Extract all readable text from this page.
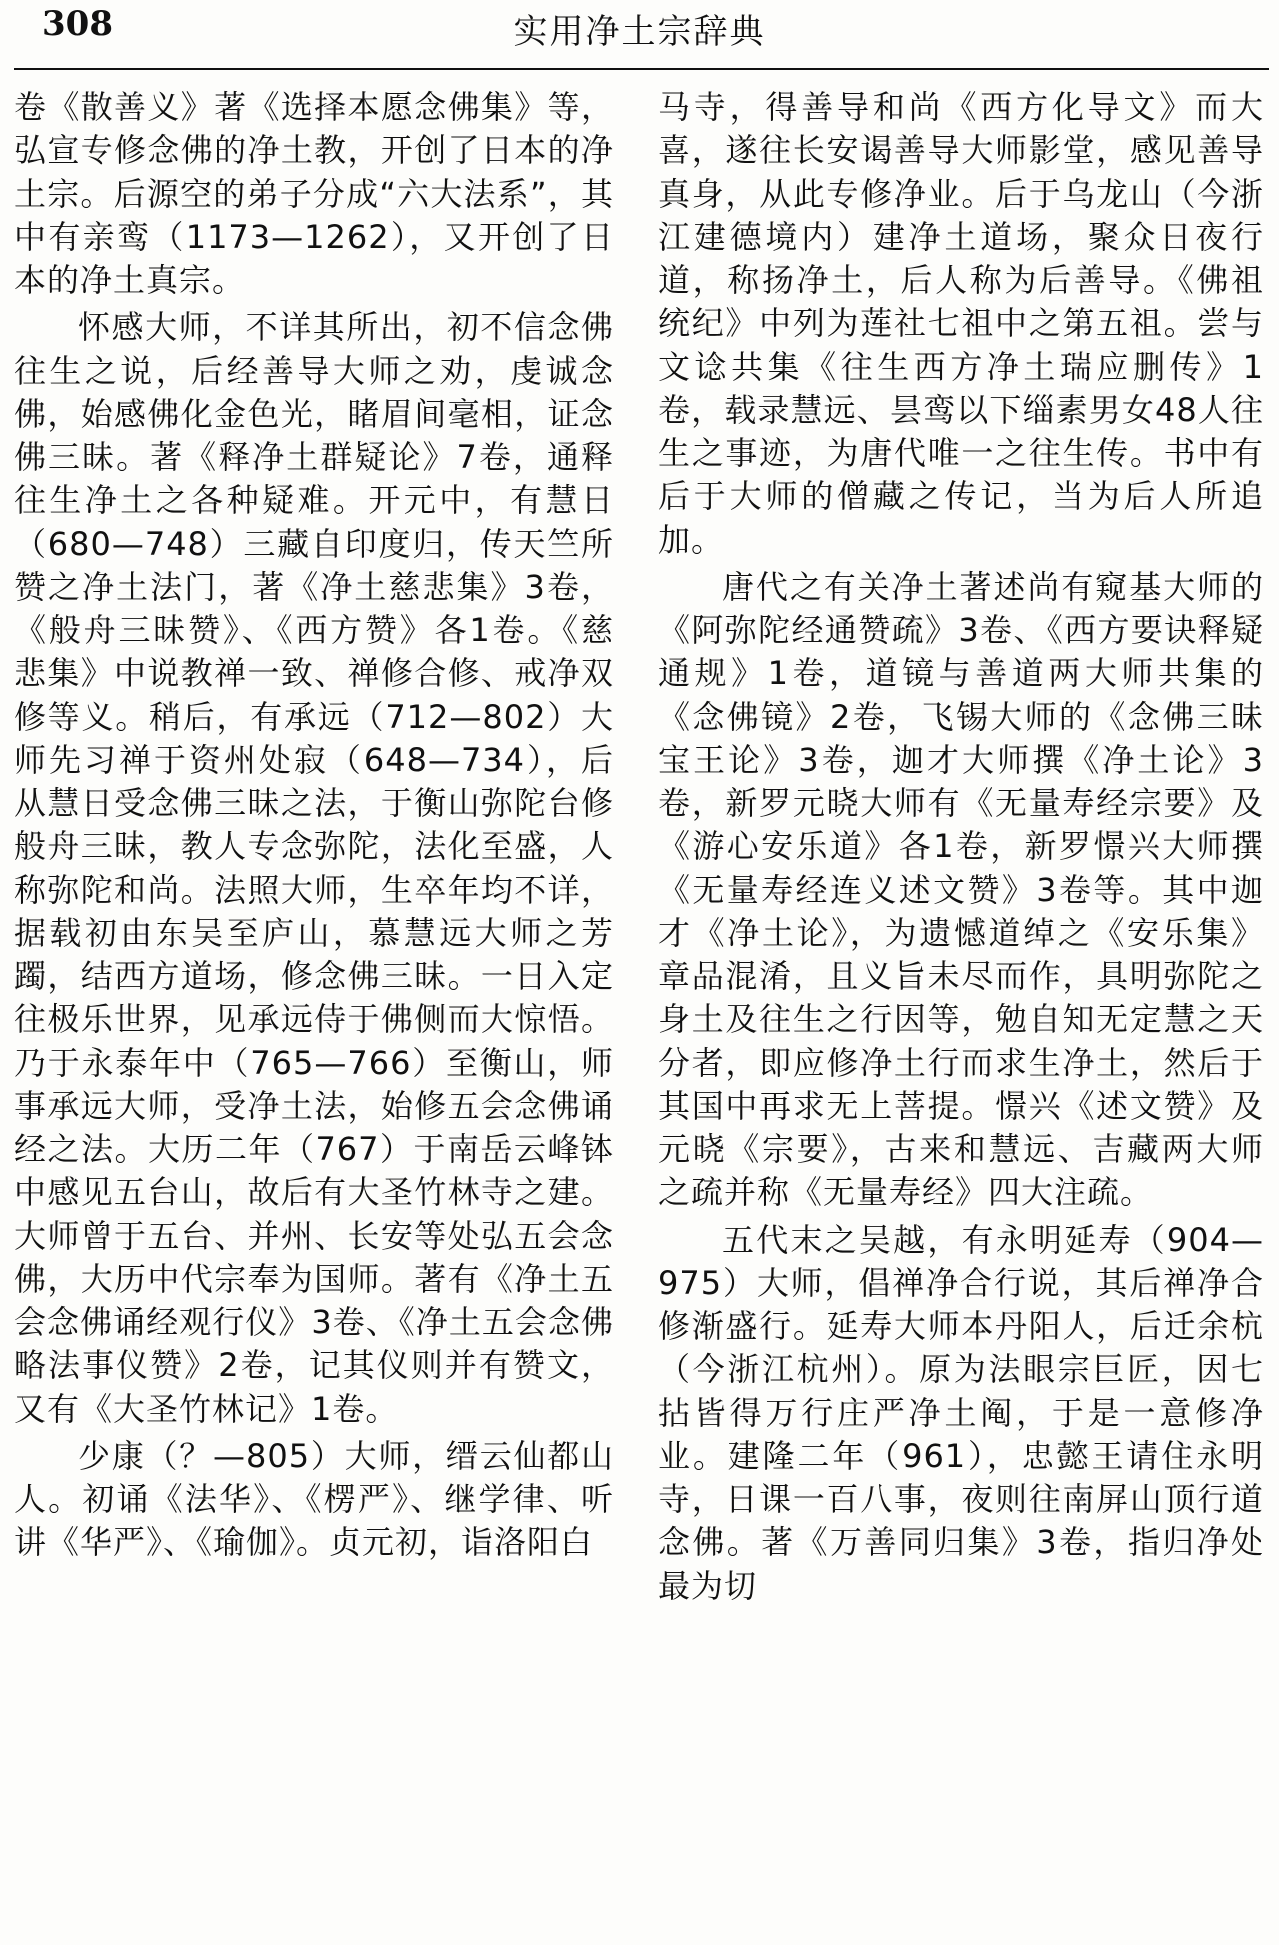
308	实用净土宗辞典

卷《散善义》著《选择本愿念佛集》等，弘宣专修念佛的净土教，开创了日本的净土宗。后源空的弟子分成“六大法系”，其中有亲鸾（1173—1262），又开创了日本的净土真宗。

怀感大师，不详其所出，初不信念佛往生之说，后经善导大师之劝，虔诚念佛，始感佛化金色光，睹眉间毫相，证念佛三昧。著《释净土群疑论》7卷，通释往生净土之各种疑难。开元中，有慧日（680—748）三藏自印度归，传天竺所赞之净土法门，著《净土慈悲集》3卷，《般舟三昧赞》、《西方赞》各1卷。《慈悲集》中说教禅一致、禅修合修、戒净双修等义。稍后，有承远（712—802）大师先习禅于资州处寂（648—734），后从慧日受念佛三昧之法，于衡山弥陀台修般舟三昧，教人专念弥陀，法化至盛，人称弥陀和尚。法照大师，生卒年均不详，据载初由东吴至庐山，慕慧远大师之芳躅，结西方道场，修念佛三昧。一日入定往极乐世界，见承远侍于佛侧而大惊悟。乃于永泰年中（765—766）至衡山，师事承远大师，受净土法，始修五会念佛诵经之法。大历二年（767）于南岳云峰钵中感见五台山，故后有大圣竹林寺之建。大师曾于五台、并州、长安等处弘五会念佛，大历中代宗奉为国师。著有《净土五会念佛诵经观行仪》3卷、《净土五会念佛略法事仪赞》2卷，记其仪则并有赞文，又有《大圣竹林记》1卷。

少康（？—805）大师，缙云仙都山人。初诵《法华》、《楞严》、继学律、听讲《华严》、《瑜伽》。贞元初，诣洛阳白

马寺，得善导和尚《西方化导文》而大喜，遂往长安谒善导大师影堂，感见善导真身，从此专修净业。后于乌龙山（今浙江建德境内）建净土道场，聚众日夜行道，称扬净土，后人称为后善导。《佛祖统纪》中列为莲社七祖中之第五祖。尝与文谂共集《往生西方净土瑞应删传》1卷，载录慧远、昙鸾以下缁素男女48人往生之事迹，为唐代唯一之往生传。书中有后于大师的僧藏之传记，当为后人所追加。

唐代之有关净土著述尚有窥基大师的《阿弥陀经通赞疏》3卷、《西方要诀释疑通规》1卷，道镜与善道两大师共集的《念佛镜》2卷，飞锡大师的《念佛三昧宝王论》3卷，迦才大师撰《净土论》3卷，新罗元晓大师有《无量寿经宗要》及《游心安乐道》各1卷，新罗憬兴大师撰《无量寿经连义述文赞》3卷等。其中迦才《净土论》，为遗憾道绰之《安乐集》章品混淆，且义旨未尽而作，具明弥陀之身土及往生之行因等，勉自知无定慧之天分者，即应修净土行而求生净土，然后于其国中再求无上菩提。憬兴《述文赞》及元晓《宗要》，古来和慧远、吉藏两大师之疏并称《无量寿经》四大注疏。

五代末之吴越，有永明延寿（904—975）大师，倡禅净合行说，其后禅净合修渐盛行。延寿大师本丹阳人，后迁余杭（今浙江杭州）。原为法眼宗巨匠，因七拈皆得万行庄严净土阄，于是一意修净业。建隆二年（961），忠懿王请住永明寺，日课一百八事，夜则往南屏山顶行道念佛。著《万善同归集》3卷，指归净处最为切
